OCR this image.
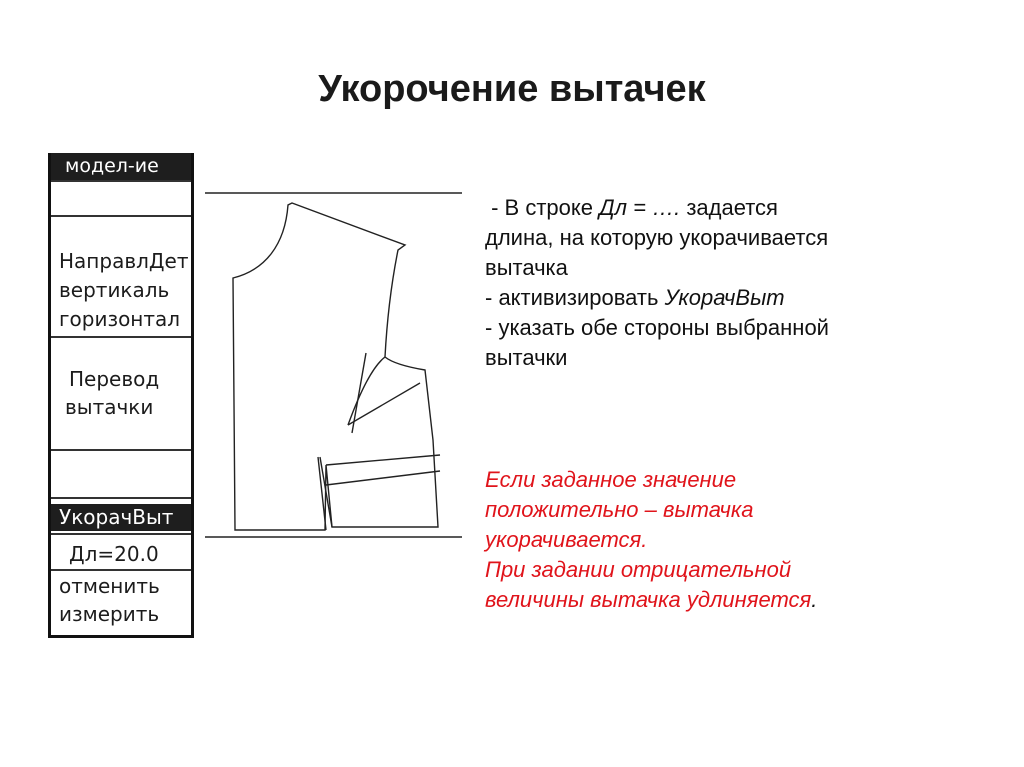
Укорочение вытачек
модел-ие
НаправлДет
вертикаль
горизонтал
Перевод
вытачки
УкорачВыт
Дл=20.0
отменить
измерить
- В строке Дл = …. задается
длина, на которую укорачивается
вытачка
- активизировать УкорачВыт
- указать обе стороны выбранной
вытачки
Если заданное значение
положительно – вытачка
укорачивается.
При задании отрицательной
величины вытачка удлиняется.
